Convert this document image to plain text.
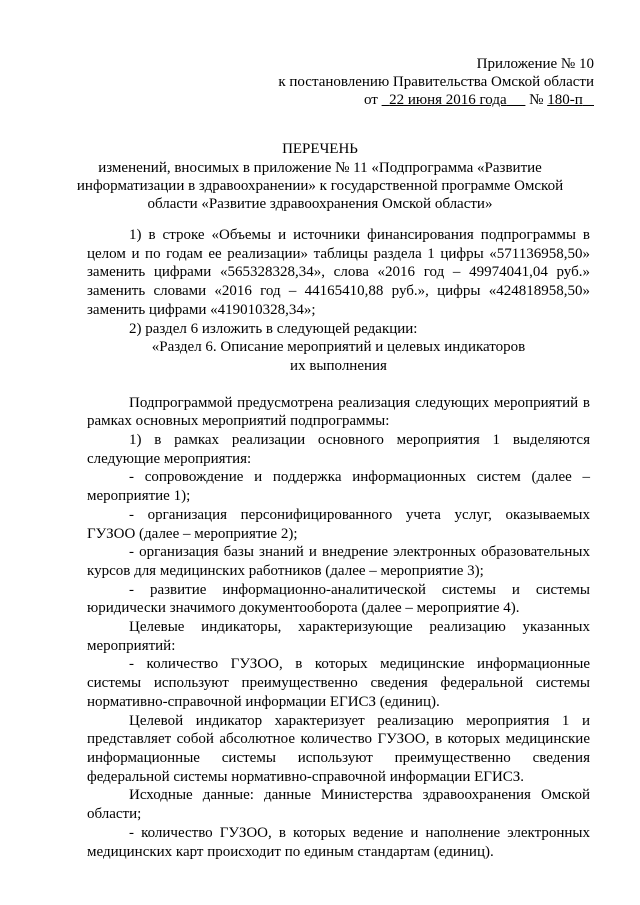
Приложение № 10
к постановлению Правительства Омской области
от 22 июня 2016 года № 180-п
ПЕРЕЧЕНЬ
изменений, вносимых в приложение № 11 «Подпрограмма «Развитие информатизации в здравоохранении» к государственной программе Омской области «Развитие здравоохранения Омской области»

1) в строке «Объемы и источники финансирования подпрограммы в целом и по годам ее реализации» таблицы раздела 1 цифры «571136958,50» заменить цифрами «565328328,34», слова «2016 год – 49974041,04 руб.» заменить словами «2016 год – 44165410,88 руб.», цифры «424818958,50» заменить цифрами «419010328,34»;

2) раздел 6 изложить в следующей редакции:

«Раздел 6. Описание мероприятий и целевых индикаторов

их выполнения

Подпрограммой предусмотрена реализация следующих мероприятий в рамках основных мероприятий подпрограммы:

1) в рамках реализации основного мероприятия 1 выделяются следующие мероприятия:

- сопровождение и поддержка информационных систем (далее – мероприятие 1);

- организация персонифицированного учета услуг, оказываемых ГУЗОО (далее – мероприятие 2);

- организация базы знаний и внедрение электронных образовательных курсов для медицинских работников (далее – мероприятие 3);

- развитие информационно-аналитической системы и системы юридически значимого документооборота (далее – мероприятие 4).

Целевые индикаторы, характеризующие реализацию указанных мероприятий:

- количество ГУЗОО, в которых медицинские информационные системы используют преимущественно сведения федеральной системы нормативно-справочной информации ЕГИСЗ (единиц).

Целевой индикатор характеризует реализацию мероприятия 1 и представляет собой абсолютное количество ГУЗОО, в которых медицинские информационные системы используют преимущественно сведения федеральной системы нормативно-справочной информации ЕГИСЗ.

Исходные данные: данные Министерства здравоохранения Омской области;

- количество ГУЗОО, в которых ведение и наполнение электронных медицинских карт происходит по единым стандартам (единиц).
